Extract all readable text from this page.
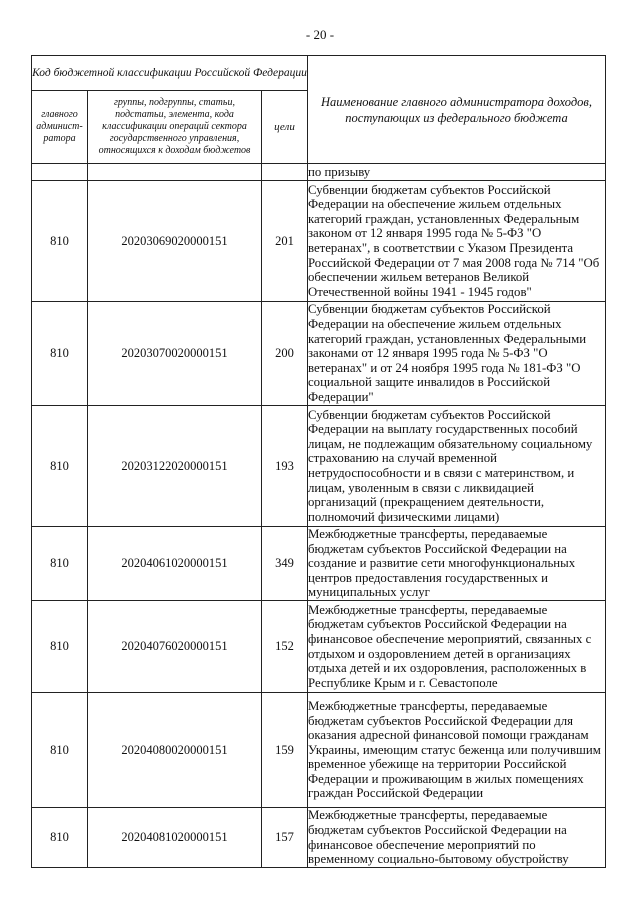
- 20 -
Код бюджетной классификации Российской Федерации			Наименование главного администратора доходов, поступающих из федерального бюджета
главного админист-ратора	группы, подгруппы, статьи, подстатьи, элемента, кода классификации операций сектора государственного управления, относящихся к доходам бюджетов	цели	
			по призыву
810	20203069020000151	201	Субвенции бюджетам субъектов Российской Федерации на обеспечение жильем отдельных категорий граждан, установленных Федеральным законом от 12 января 1995 года № 5-ФЗ "О ветеранах", в соответствии с Указом Президента Российской Федерации от 7 мая 2008 года № 714 "Об обеспечении жильем ветеранов Великой Отечественной войны 1941 - 1945 годов"
810	20203070020000151	200	Субвенции бюджетам субъектов Российской Федерации на обеспечение жильем отдельных категорий граждан, установленных Федеральными законами от 12 января 1995 года № 5-ФЗ "О ветеранах" и от 24 ноября 1995 года № 181-ФЗ "О социальной защите инвалидов в Российской Федерации"
810	20203122020000151	193	Субвенции бюджетам субъектов Российской Федерации на выплату государственных пособий лицам, не подлежащим обязательному социальному страхованию на случай временной нетрудоспособности и в связи с материнством, и лицам, уволенным в связи с ликвидацией организаций (прекращением деятельности, полномочий физическими лицами)
810	20204061020000151	349	Межбюджетные трансферты, передаваемые бюджетам субъектов Российской Федерации на создание и развитие сети многофункциональных центров предоставления государственных и муниципальных услуг
810	20204076020000151	152	Межбюджетные трансферты, передаваемые бюджетам субъектов Российской Федерации на финансовое обеспечение мероприятий, связанных с отдыхом и оздоровлением детей в организациях отдыха детей и их оздоровления, расположенных в Республике Крым и г. Севастополе
810	20204080020000151	159	Межбюджетные трансферты, передаваемые бюджетам субъектов Российской Федерации для оказания адресной финансовой помощи гражданам Украины, имеющим статус беженца или получившим временное убежище на территории Российской Федерации и проживающим в жилых помещениях граждан Российской Федерации
810	20204081020000151	157	Межбюджетные трансферты, передаваемые бюджетам субъектов Российской Федерации на финансовое обеспечение мероприятий по временному социально-бытовому обустройству
